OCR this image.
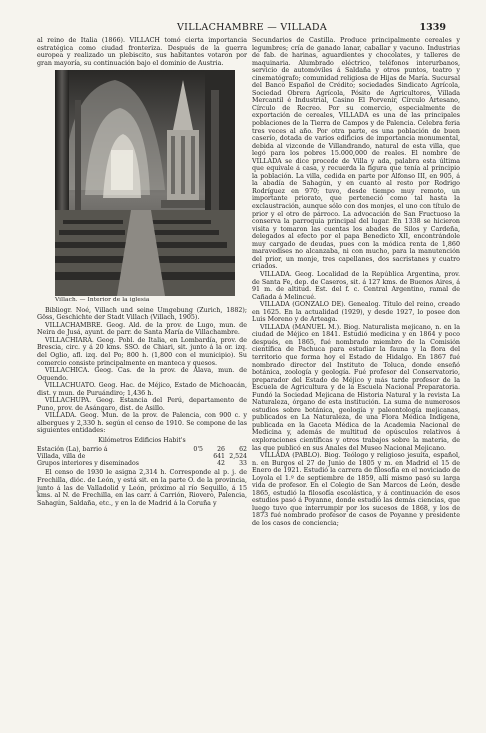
VILLACHAMBRE — VILLADA	1339

al reino de Italia (1866). VILLACH tomó cierta importancia estratégica como ciudad fronteriza. Después de la guerra europea y realizado un plebiscito, sus habitantes votaron por gran mayoría, su continuación bajo el dominio de Austria.

Villach. — Interior de la iglesia

Bibliogr. Noé, Villach und seine Umgebung (Zurich, 1882); Göss, Geschichte der Stadt Villach (Villach, 1905).

VILLACHAMBRE. Geog. Ald. de la prov. de Lugo, mun. de Neira de Jusá, ayunt. de parr. de Santa María de Villachambre.

VILLACHIARA. Geog. Pobl. de Italia, en Lombardía, prov. de Brescia, circ. y á 20 kms. SSO. de Chiari, sit. junto á la or. izq. del Oglio, afl. izq. del Po; 800 h. (1,800 con el municipio). Su comercio consiste principalmente en manteca y quesos.

VILLACHICA. Geog. Cas. de la prov. de Álava, mun. de Oquendo.

VILLACHUATO. Geog. Hac. de Méjico, Estado de Michoacán, dist. y mun. de Puruándiro; 1,436 h.

VILLACHUPA. Geog. Estancia del Perú, departamento de Puno, prov. de Asángaro, dist. de Asillo.

VILLADA. Geog. Mun. de la prov. de Palencia, con 900 c. y albergues y 2,330 h. según el censo de 1910. Se compone de las siguientes entidades:

Kilómetros Edificios Habit's
Estación (La), barrio á	0'5	26	62
Villada, villa de		641	2,524
Grupos interiores y diseminados		42	33

El censo de 1930 le asigna 2,314 h. Corresponde al p. j. de Frechilla, dióc. de León, y está sit. en la parte O. de la provincia, junto á las de Valladolid y León, próximo al río Sequillo, á 15 kms. al N. de Frechilla, en las carr. á Carrión, Riovero, Palencia, Sahagún, Saldaña, etc., y en la de Madrid á la Coruña y

Secundarios de Castilla. Produce principalmente cereales y legumbres; cría de ganado lanar, caballar y vacuno. Industrias de fab. de harinas, aguardientes y chocolates, y talleres de maquinaria. Alumbrado eléctrico, teléfonos interurbanos, servicio de automóviles á Saldaña y otros puntos, teatro y cinematógrafo; comunidad religiosa de Hijas de María. Sucursal del Banco Español de Crédito; sociedades Sindicato Agrícola, Sociedad Obrera Agrícola, Pósito de Agricultores, Villada Mercantil é Industrial, Casino El Porvenir, Círculo Artesano, Círculo de Recreo. Por su comercio, especialmente de exportación de cereales, VILLADA es una de las principales poblaciones de la Tierra de Campos y de Palencia. Celebra feria tres veces al año. Por otra parte, es una población de buen caserío, dotada de varios edificios de importancia monumental, debida al vizconde de Villandrando, natural de esta villa, que legó para los pobres 15.000,000 de reales. El nombre de VILLADA se dice procede de Villa y ada, palabra esta última que equivale á casa, y recuerda la figura que tenía al principio la población. La villa, cedida en parte por Alfonso III, en 905, á la abadía de Sahagún, y en cuanto al resto por Rodrigo Rodríguez en 970; tuvo, desde tiempo muy remoto, un importante priorato, que perteneció como tal hasta la exclaustración, aunque sólo con dos monjes, el uno con título de prior y el otro de párroco. La advocación de San Fructuoso la conserva la parroquia principal del lugar. En 1338 se hicieron visita y tomaron las cuentas los abades de Silos y Cardeña, delegados al efecto por el papa Benedicto XII, encontrándole muy cargado de deudas, pues con la módica renta de 1,860 maravedises no alcanzaba, ni con mucho, para la manutención del prior, un monje, tres capellanes, dos sacristanes y cuatro criados.

VILLADA. Geog. Localidad de la República Argentina, prov. de Santa Fe, dep. de Caseros, sit. á 127 kms. de Buenos Aires, á 91 m. de altitud. Est. del f. c. Central Argentino, ramal de Cañada á Melincué.

VILLADA (GONZALO DE). Genealog. Título del reino, creado en 1625. En la actualidad (1929), y desde 1927, lo posee don Luis Moreno y de Arteaga.

VILLADA (MANUEL M.). Biog. Naturalista mejicano, n. en la ciudad de Méjico en 1841. Estudió medicina y en 1864 y poco después, en 1865, fué nombrado miembro de la Comisión científica de Pachuca para estudiar la fauna y la flora del territorio que forma hoy el Estado de Hidalgo. En 1867 fué nombrado director del Instituto de Toluca, donde enseñó botánica, zoología y geología. Fué profesor del Conservatorio, preparador del Estado de Méjico y más tarde profesor de la Escuela de Agricultura y de la Escuela Nacional Preparatoria. Fundó la Sociedad Mejicana de Historia Natural y la revista La Naturaleza, órgano de esta institución. La suma de numerosos estudios sobre botánica, geología y paleontología mejicanas, publicados en La Naturaleza, de una Flora Médica Indígena, publicada en la Gaceta Médica de la Academia Nacional de Medicina y, además de multitud de opúsculos relativos á exploraciones científicas y otros trabajos sobre la materia, de las que publicó en sus Anales del Museo Nacional Mejicano.

VILLADA (PABLO). Biog. Teólogo y religioso jesuíta, español, n. en Burgos el 27 de Junio de 1805 y m. en Madrid el 15 de Enero de 1921. Estudió la carrera de filosofía en el noviciado de Loyola el 1.º de septiembre de 1859, allí mismo pasó su larga vida de profesor. En el Colegio de San Marcos de León, desde 1865, estudió la filosofía escolástica, y á continuación de esos estudios pasó á Poyanne, donde estudió las demás ciencias, que luego tuvo que interrumpir por los sucesos de 1868, y los de 1873 fué nombrado profesor de casos de Poyanne y presidente de los casos de conciencia;
